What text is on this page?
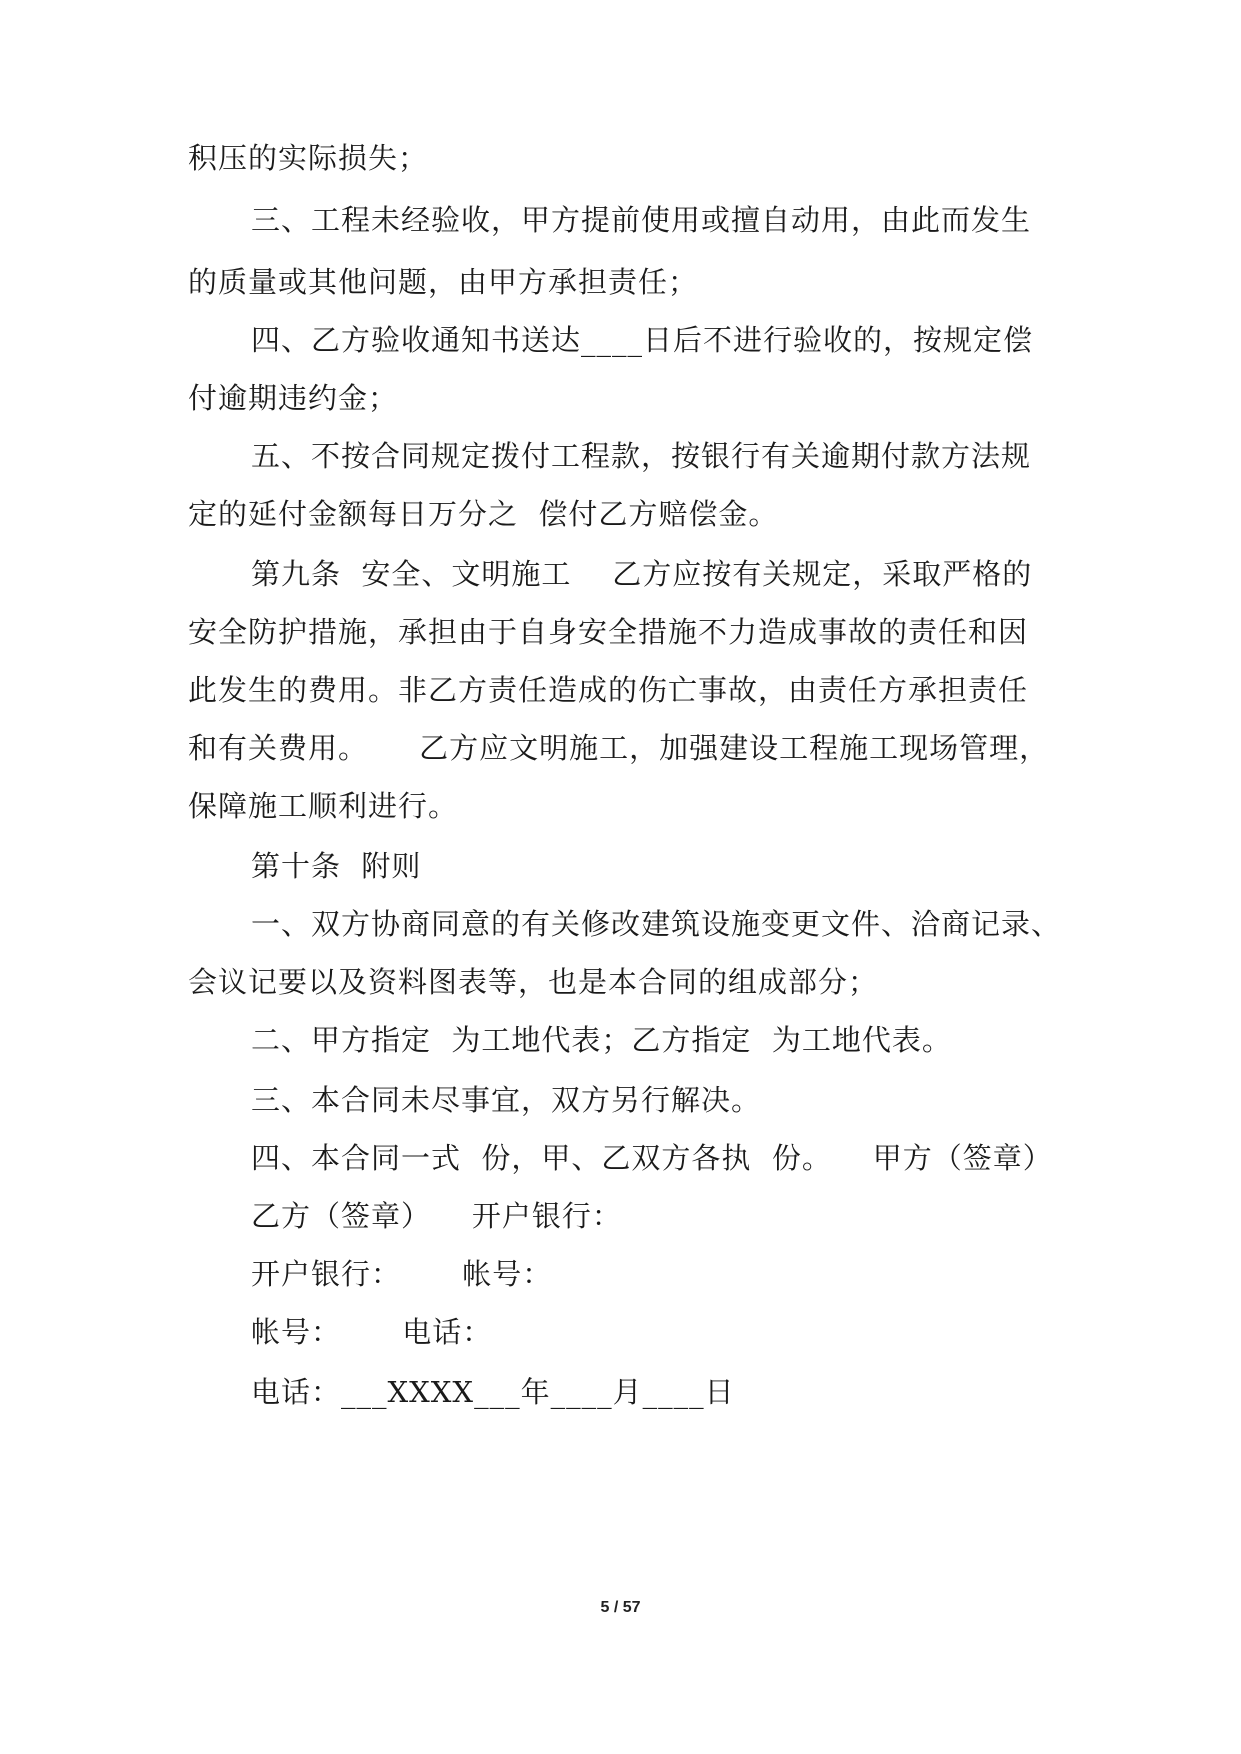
积压的实际损失；
三、工程未经验收，甲方提前使用或擅自动用，由此而发生
的质量或其他问题，由甲方承担责任；
四、乙方验收通知书送达____日后不进行验收的，按规定偿
付逾期违约金；
五、不按合同规定拨付工程款，按银行有关逾期付款方法规
定的延付金额每日万分之  偿付乙方赔偿金。
第九条  安全、文明施工    乙方应按有关规定，采取严格的
安全防护措施，承担由于自身安全措施不力造成事故的责任和因
此发生的费用。非乙方责任造成的伤亡事故，由责任方承担责任
和有关费用。     乙方应文明施工，加强建设工程施工现场管理，
保障施工顺利进行。
第十条  附则
一、双方协商同意的有关修改建筑设施变更文件、洽商记录、
会议记要以及资料图表等，也是本合同的组成部分；
二、甲方指定  为工地代表；乙方指定  为工地代表。
三、本合同未尽事宜，双方另行解决。
四、本合同一式  份，甲、乙双方各执  份。    甲方（签章）
乙方（签章）    开户银行：
开户银行：      帐号：
帐号：      电话：
电话：___XXXX___年____月____日
5 / 57
